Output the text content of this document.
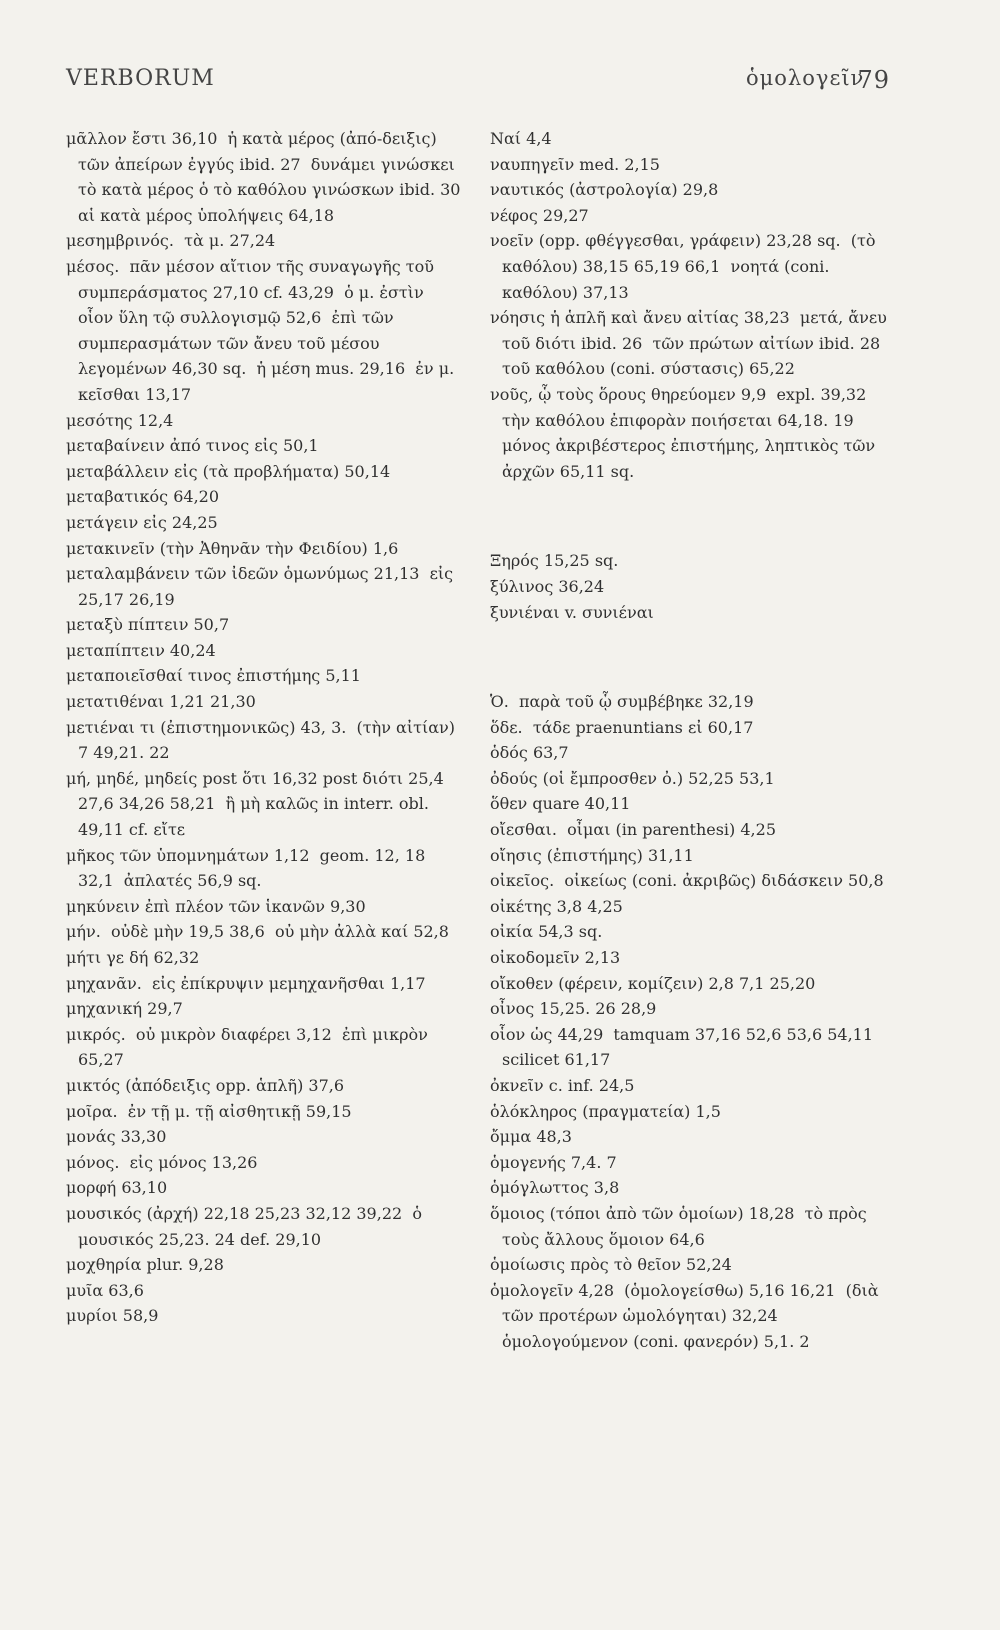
VERBORUM	ὁμολογεῖν
79

μᾶλλον ἔστι 36,10  ἡ κατὰ μέρος (ἀπό-δειξις) τῶν ἀπείρων ἐγγύς ibid. 27  δυνάμει γινώσκει τὸ κατὰ μέρος ὁ τὸ καθόλου γινώσκων ibid. 30  αἱ κατὰ μέρος ὑπολήψεις 64,18

μεσημβρινός.  τὰ μ. 27,24

μέσος.  πᾶν μέσον αἴτιον τῆς συναγωγῆς τοῦ συμπεράσματος 27,10 cf. 43,29  ὁ μ. ἐστὶν οἷον ὕλη τῷ συλλογισμῷ 52,6  ἐπὶ τῶν συμπερασμάτων τῶν ἄνευ τοῦ μέσου λεγομένων 46,30 sq.  ἡ μέση mus. 29,16  ἐν μ. κεῖσθαι 13,17

μεσότης 12,4

μεταβαίνειν ἀπό τινος εἰς 50,1

μεταβάλλειν εἰς (τὰ προβλήματα) 50,14

μεταβατικός 64,20

μετάγειν εἰς 24,25

μετακινεῖν (τὴν Ἀθηνᾶν τὴν Φειδίου) 1,6

μεταλαμβάνειν τῶν ἰδεῶν ὁμωνύμως 21,13  εἰς 25,17 26,19

μεταξὺ πίπτειν 50,7

μεταπίπτειν 40,24

μεταποιεῖσθαί τινος ἐπιστήμης 5,11

μετατιθέναι 1,21 21,30

μετιέναι τι (ἐπιστημονικῶς) 43, 3.  (τὴν αἰτίαν) 7 49,21. 22

μή, μηδέ, μηδείς post ὅτι 16,32 post διότι 25,4 27,6 34,26 58,21  ἢ μὴ καλῶς in interr. obl. 49,11 cf. εἴτε

μῆκος τῶν ὑπομνημάτων 1,12  geom. 12, 18 32,1  ἀπλατές 56,9 sq.

μηκύνειν ἐπὶ πλέον τῶν ἱκανῶν 9,30

μήν.  οὐδὲ μὴν 19,5 38,6  οὐ μὴν ἀλλὰ καί 52,8

μήτι γε δή 62,32

μηχανᾶν.  εἰς ἐπίκρυψιν μεμηχανῆσθαι 1,17

μηχανική 29,7

μικρός.  οὐ μικρὸν διαφέρει 3,12  ἐπὶ μικρὸν 65,27

μικτός (ἀπόδειξις opp. ἁπλῆ) 37,6

μοῖρα.  ἐν τῇ μ. τῇ αἰσθητικῇ 59,15

μονάς 33,30

μόνος.  εἰς μόνος 13,26

μορφή 63,10

μουσικός (ἀρχή) 22,18 25,23 32,12 39,22  ὁ μουσικός 25,23. 24 def. 29,10

μοχθηρία plur. 9,28

μυῖα 63,6

μυρίοι 58,9

Ναί 4,4

ναυπηγεῖν med. 2,15

ναυτικός (ἀστρολογία) 29,8

νέφος 29,27

νοεῖν (opp. φθέγγεσθαι, γράφειν) 23,28 sq.  (τὸ καθόλου) 38,15 65,19 66,1  νοητά (coni. καθόλου) 37,13

νόησις ἡ ἁπλῆ καὶ ἄνευ αἰτίας 38,23  μετά, ἄνευ τοῦ διότι ibid. 26  τῶν πρώτων αἰτίων ibid. 28  τοῦ καθόλου (coni. σύστασις) 65,22

νοῦς, ᾧ τοὺς ὅρους θηρεύομεν 9,9  expl. 39,32  τὴν καθόλου ἐπιφορὰν ποιήσεται 64,18. 19  μόνος ἀκριβέστερος ἐπιστήμης, ληπτικὸς τῶν ἀρχῶν 65,11 sq.

Ξηρός 15,25 sq.

ξύλινος 36,24

ξυνιέναι v. συνιέναι

Ὁ.  παρὰ τοῦ ᾧ συμβέβηκε 32,19

ὅδε.  τάδε praenuntians εἰ 60,17

ὁδός 63,7

ὀδούς (οἱ ἔμπροσθεν ὀ.) 52,25 53,1

ὅθεν quare 40,11

οἴεσθαι.  οἶμαι (in parenthesi) 4,25

οἴησις (ἐπιστήμης) 31,11

οἰκεῖος.  οἰκείως (coni. ἀκριβῶς) διδάσκειν 50,8

οἰκέτης 3,8 4,25

οἰκία 54,3 sq.

οἰκοδομεῖν 2,13

οἴκοθεν (φέρειν, κομίζειν) 2,8 7,1 25,20

οἶνος 15,25. 26 28,9

οἷον ὡς 44,29  tamquam 37,16 52,6 53,6 54,11  scilicet 61,17

ὀκνεῖν c. inf. 24,5

ὁλόκληρος (πραγματεία) 1,5

ὄμμα 48,3

ὁμογενής 7,4. 7

ὁμόγλωττος 3,8

ὅμοιος (τόποι ἀπὸ τῶν ὁμοίων) 18,28  τὸ πρὸς τοὺς ἄλλους ὅμοιον 64,6

ὁμοίωσις πρὸς τὸ θεῖον 52,24

ὁμολογεῖν 4,28  (ὁμολογείσθω) 5,16 16,21  (διὰ τῶν προτέρων ὡμολόγηται) 32,24  ὁμολογούμενον (coni. φανερόν) 5,1. 2
